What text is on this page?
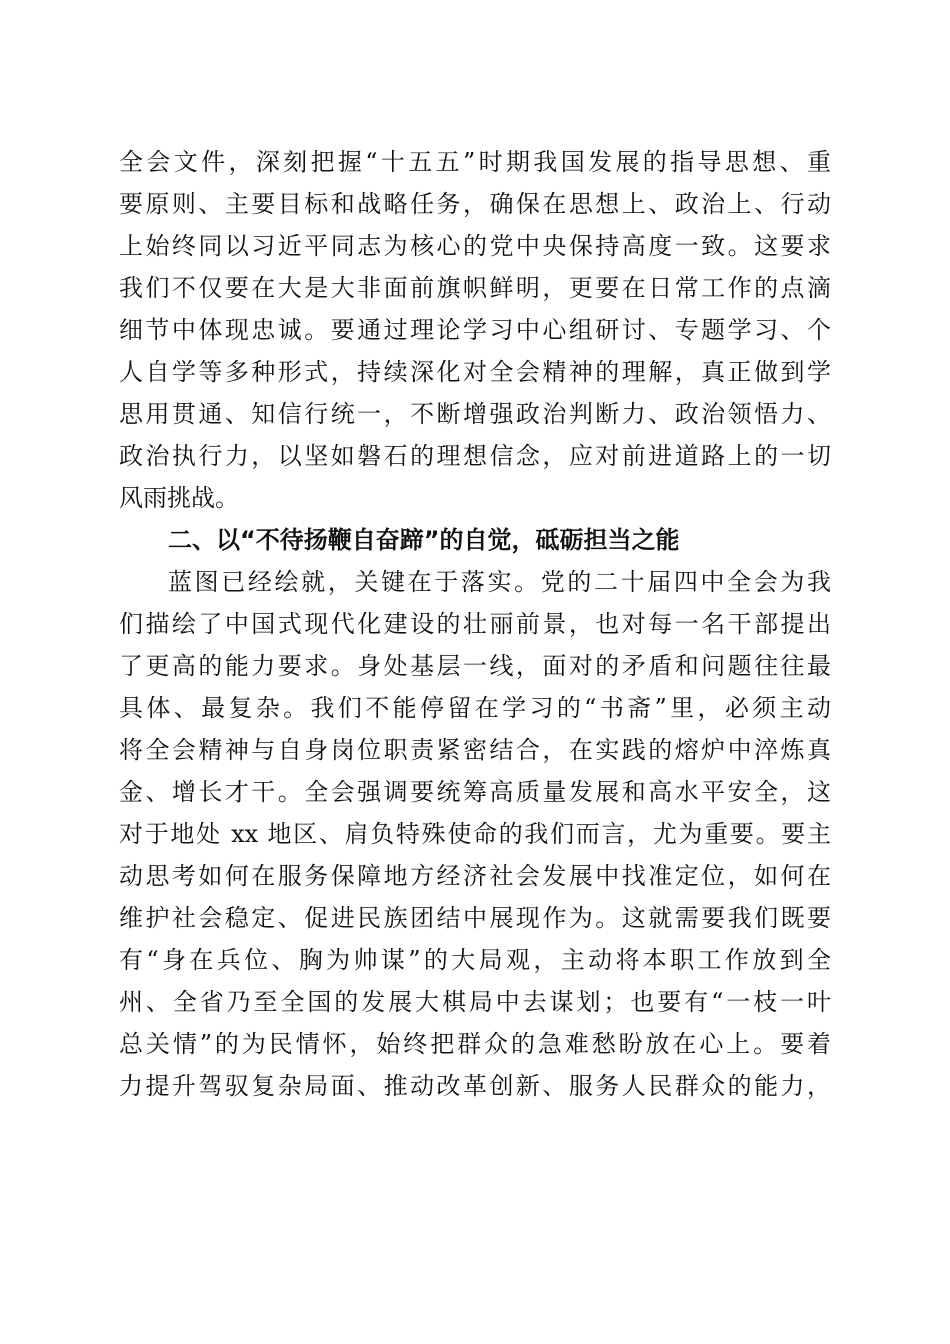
全会文件，深刻把握“十五五”时期我国发展的指导思想、重
要原则、主要目标和战略任务，确保在思想上、政治上、行动
上始终同以习近平同志为核心的党中央保持高度一致。这要求
我们不仅要在大是大非面前旗帜鲜明，更要在日常工作的点滴
细节中体现忠诚。要通过理论学习中心组研讨、专题学习、个
人自学等多种形式，持续深化对全会精神的理解，真正做到学
思用贯通、知信行统一，不断增强政治判断力、政治领悟力、
政治执行力，以坚如磐石的理想信念，应对前进道路上的一切
风雨挑战。
二、以“不待扬鞭自奋蹄”的自觉，砥砺担当之能
蓝图已经绘就，关键在于落实。党的二十届四中全会为我
们描绘了中国式现代化建设的壮丽前景，也对每一名干部提出
了更高的能力要求。身处基层一线，面对的矛盾和问题往往最
具体、最复杂。我们不能停留在学习的“书斋”里，必须主动
将全会精神与自身岗位职责紧密结合，在实践的熔炉中淬炼真
金、增长才干。全会强调要统筹高质量发展和高水平安全，这
对于地处 xx 地区、肩负特殊使命的我们而言，尤为重要。要主
动思考如何在服务保障地方经济社会发展中找准定位，如何在
维护社会稳定、促进民族团结中展现作为。这就需要我们既要
有“身在兵位、胸为帅谋”的大局观，主动将本职工作放到全
州、全省乃至全国的发展大棋局中去谋划；也要有“一枝一叶
总关情”的为民情怀，始终把群众的急难愁盼放在心上。要着
力提升驾驭复杂局面、推动改革创新、服务人民群众的能力，
